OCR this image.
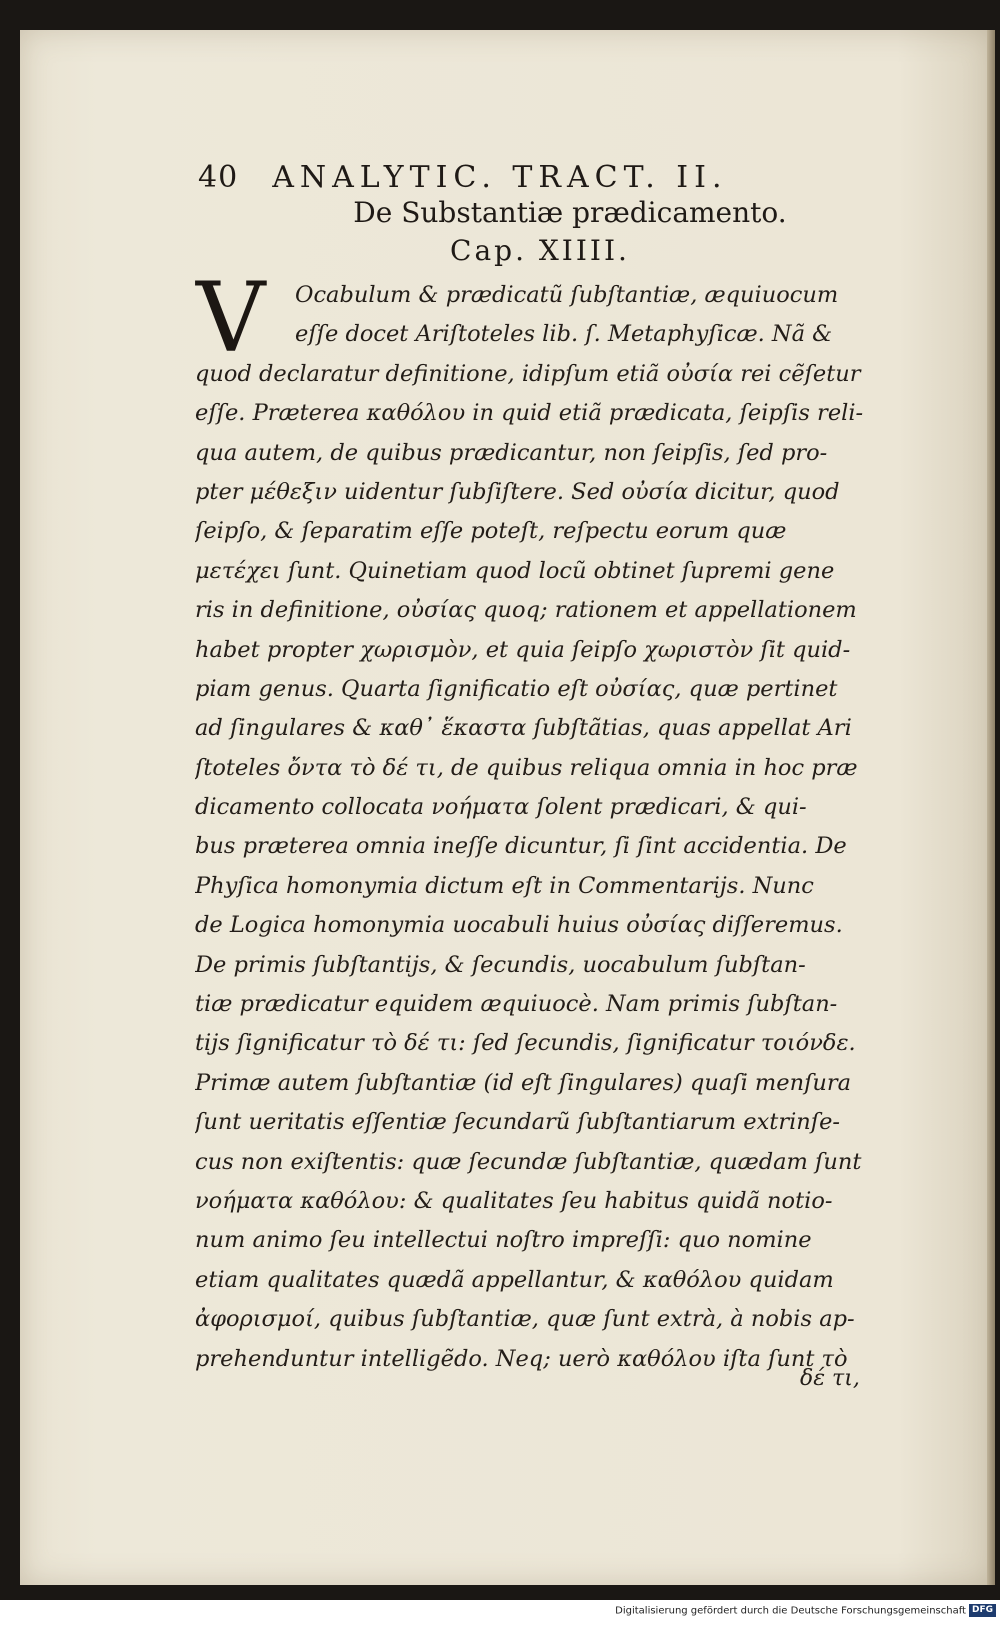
40 ANALYTIC. TRACT. II.
De Substantiæ prædicamento.
Cap. XIIII.
V	Ocabulum & prædicatũ ſubſtantiæ, æquiuocum
eſſe docet Ariſtoteles lib. ſ. Metaphyſicæ. Nã &
quod declaratur definitione, idipſum etiã οὐσία rei cẽſetur
eſſe. Præterea καθόλου in quid etiã prædicata, ſeipſis reli-
qua autem, de quibus prædicantur, non ſeipſis, ſed pro-
pter μέθεξιν uidentur ſubſiſtere. Sed οὐσία dicitur, quod
ſeipſo, & ſeparatim eſſe poteſt, reſpectu eorum quæ
μετέχει ſunt. Quinetiam quod locũ obtinet ſupremi gene
ris in definitione, οὐσίας quoq; rationem et appellationem
habet propter χωρισμὸν, et quia ſeipſo χωριστὸν ſit quid-
piam genus. Quarta ſignificatio eſt οὐσίας, quæ pertinet
ad ſingulares & καθ᾽ ἕκαστα ſubſtãtias, quas appellat Ari
ſtoteles ὄντα τὸ δέ τι, de quibus reliqua omnia in hoc præ
dicamento collocata νοήματα ſolent prædicari, & qui-
bus præterea omnia ineſſe dicuntur, ſi ſint accidentia. De
Phyſica homonymia dictum eſt in Commentarijs. Nunc
de Logica homonymia uocabuli huius οὐσίας diſſeremus.
De primis ſubſtantijs, & ſecundis, uocabulum ſubſtan-
tiæ prædicatur equidem æquiuocè. Nam primis ſubſtan-
tijs ſignificatur τὸ δέ τι: ſed ſecundis, ſignificatur τοιόνδε.
Primæ autem ſubſtantiæ (id eſt ſingulares) quaſi menſura
ſunt ueritatis eſſentiæ ſecundarũ ſubſtantiarum extrinſe-
cus non exiſtentis: quæ ſecundæ ſubſtantiæ, quædam ſunt
νοήματα καθόλου: & qualitates ſeu habitus quidã notio-
num animo ſeu intellectui noſtro impreſſi: quo nomine
etiam qualitates quædã appellantur, & καθόλου quidam
ἀφορισμοί, quibus ſubſtantiæ, quæ ſunt extrà, à nobis ap-
prehenduntur intelligẽdo. Neq; uerò καθόλου iſta ſunt τὸ
δέ τι,
Digitalisierung gefördert durch die Deutsche Forschungsgemeinschaft DFG
